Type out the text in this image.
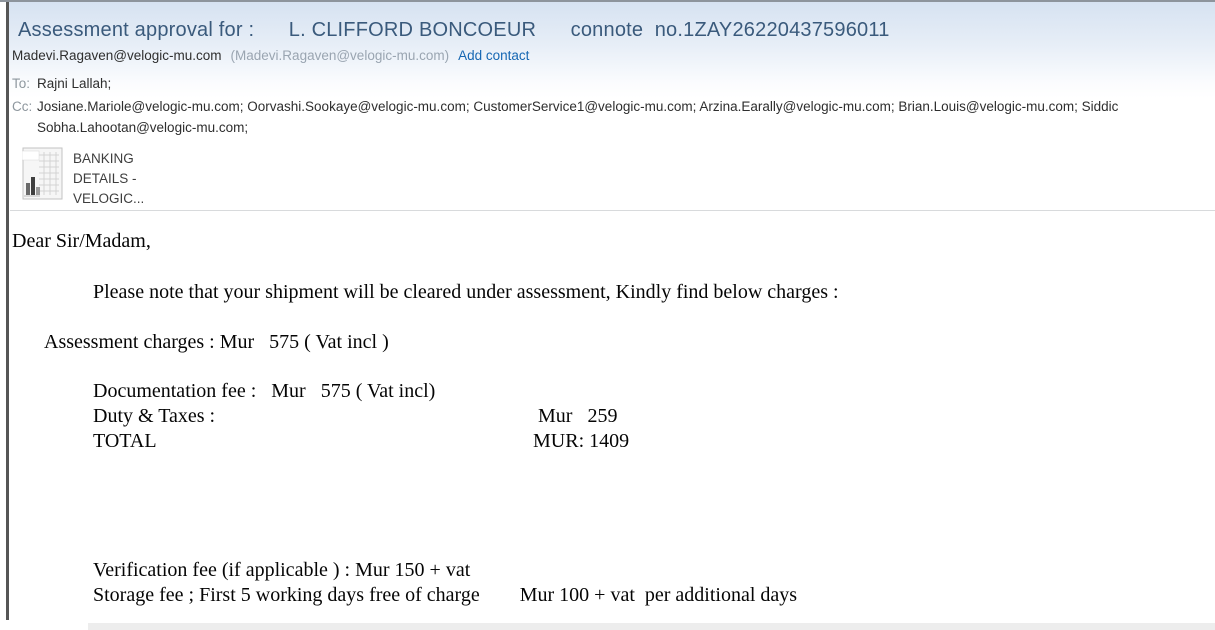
Assessment approval for :      L. CLIFFORD BONCOEUR      connote  no.1ZAY26220437596011
Madevi.Ragaven@velogic-mu.com (Madevi.Ragaven@velogic-mu.com) Add contact
To: Rajni Lallah;
Cc: Josiane.Mariole@velogic-mu.com; Oorvashi.Sookaye@velogic-mu.com; CustomerService1@velogic-mu.com; Arzina.Earally@velogic-mu.com; Brian.Louis@velogic-mu.com; Siddic
Sobha.Lahootan@velogic-mu.com;
BANKING
DETAILS -
VELOGIC...
Dear Sir/Madam,
Please note that your shipment will be cleared under assessment, Kindly find below charges :
Assessment charges : Mur   575 ( Vat incl )
Documentation fee :   Mur   575 ( Vat incl)
Duty & Taxes :	Mur   259
TOTAL	MUR: 1409
Verification fee (if applicable ) : Mur 150 + vat
Storage fee ; First 5 working days free of charge        Mur 100 + vat  per additional days
